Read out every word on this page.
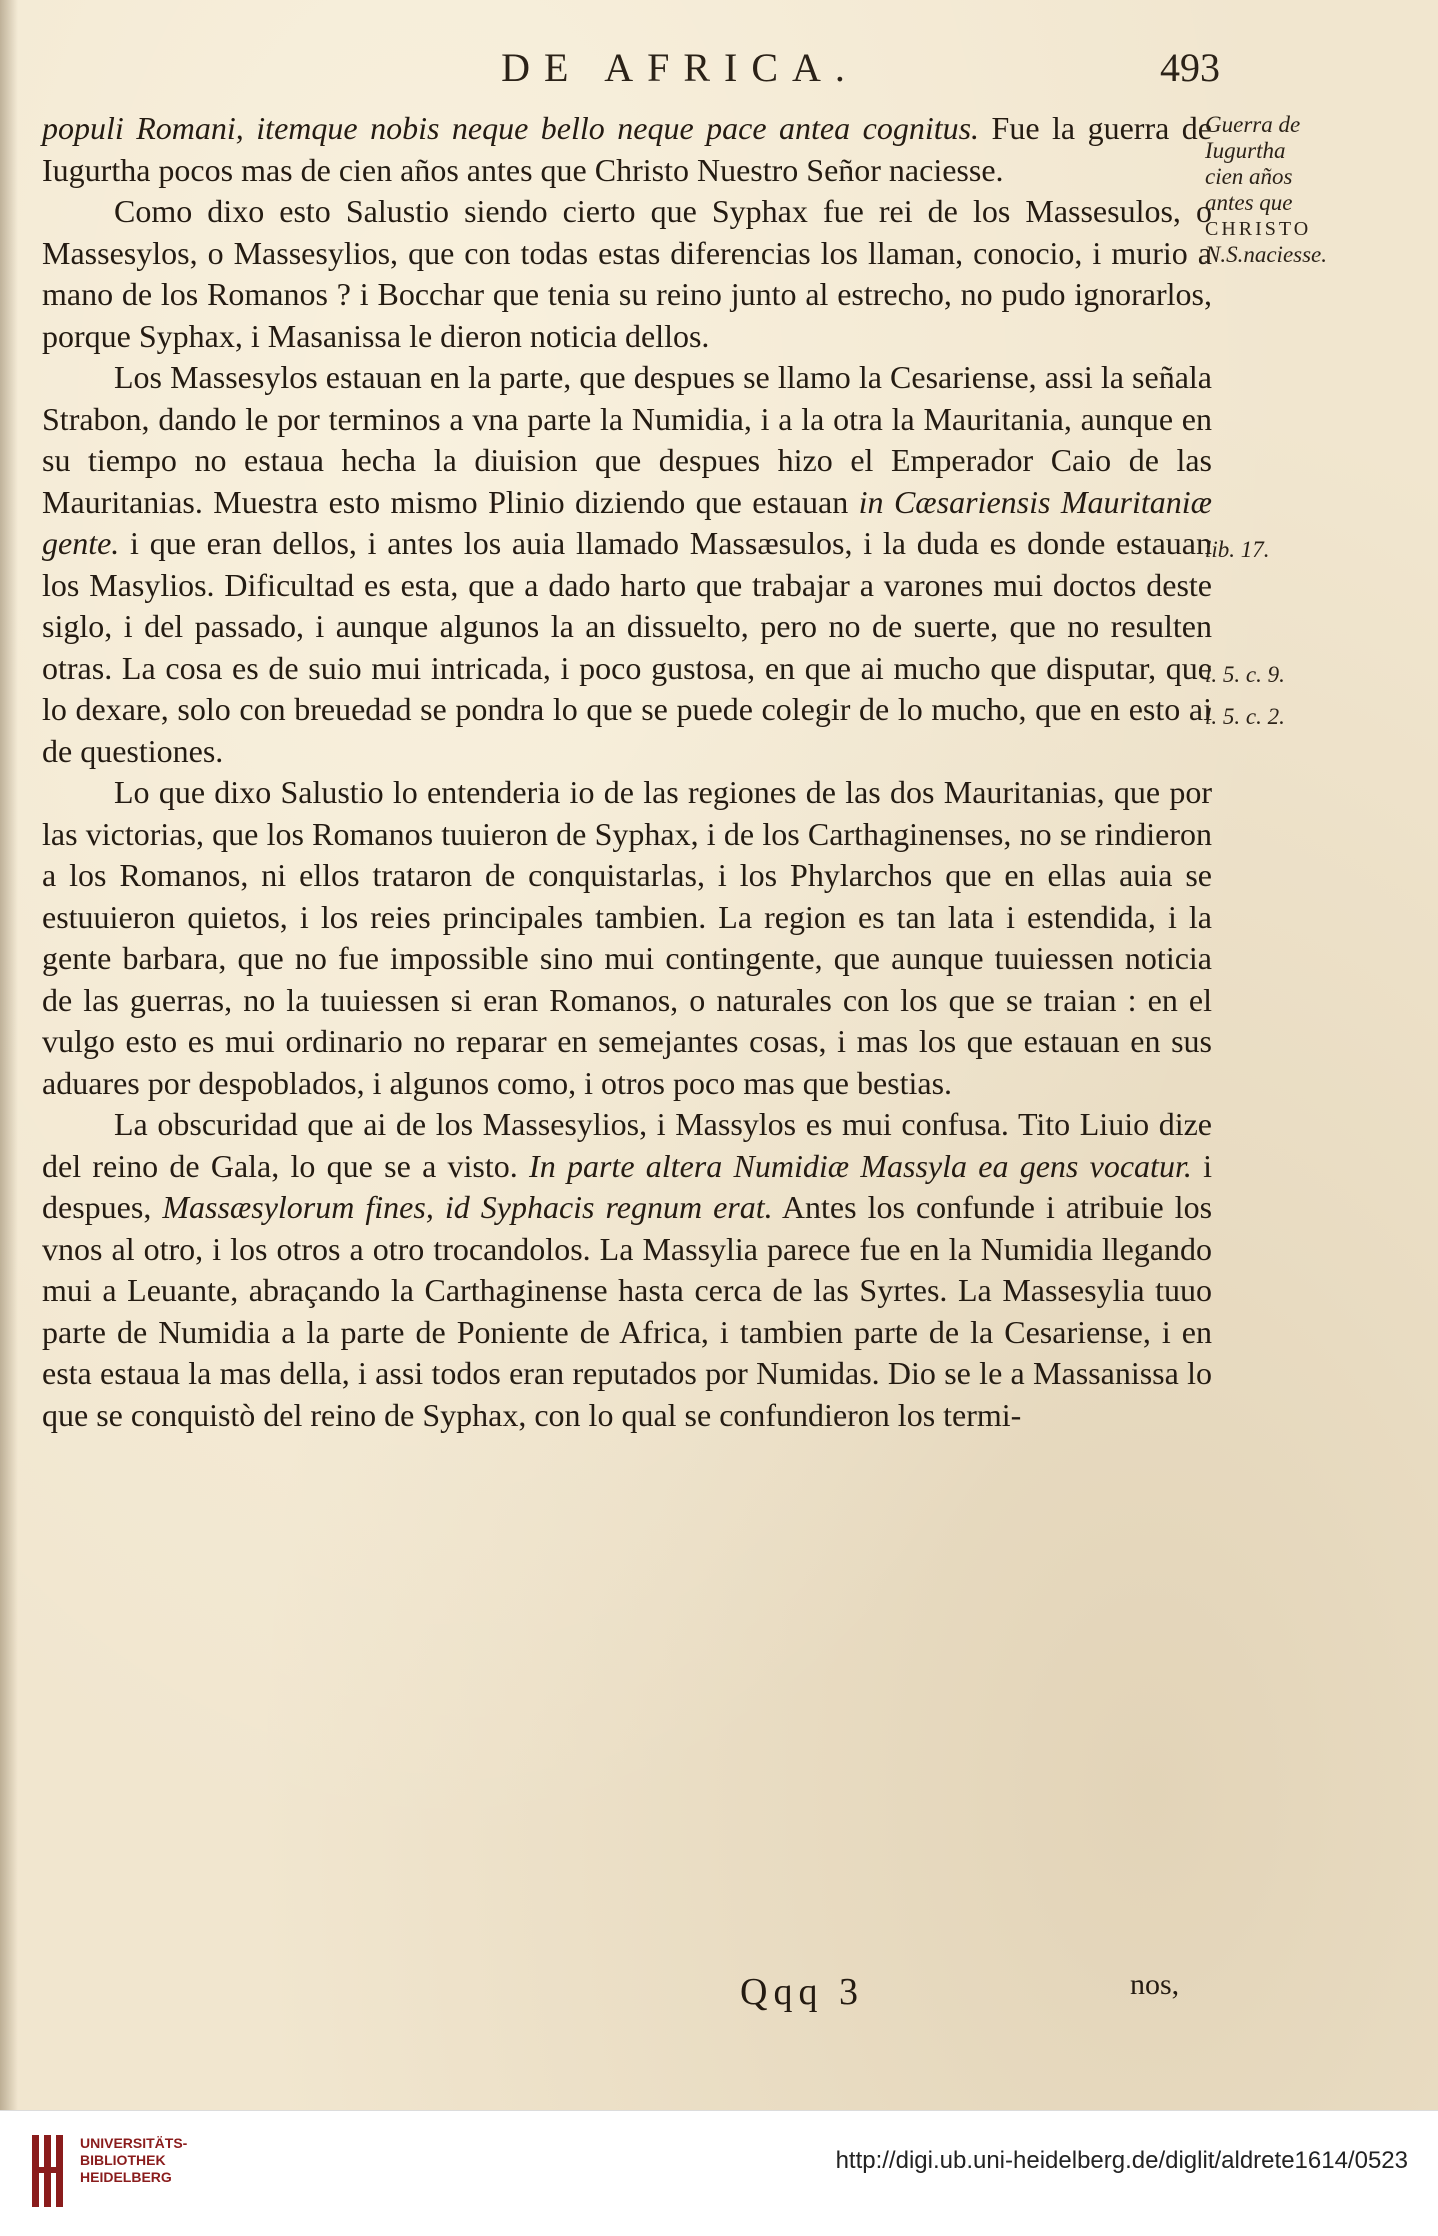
DE AFRICA.	493

populi Romani, itemque nobis neque bello neque pace antea cognitus. Fue la guerra de Iugurtha pocos mas de cien años antes que Christo Nuestro Señor naciesse.

Como dixo esto Salustio siendo cierto que Syphax fue rei de los Massesulos, o Massesylos, o Massesylios, que con todas estas diferencias los llaman, conocio, i murio a mano de los Romanos ? i Bocchar que tenia su reino junto al estrecho, no pudo ignorarlos, porque Syphax, i Masanissa le dieron noticia dellos.

Los Massesylos estauan en la parte, que despues se llamo la Cesariense, assi la señala Strabon, dando le por terminos a vna parte la Numidia, i a la otra la Mauritania, aunque en su tiempo no estaua hecha la diuision que despues hizo el Emperador Caio de las Mauritanias. Muestra esto mismo Plinio diziendo que estauan in Cæsariensis Mauritaniæ gente. i que eran dellos, i antes los auia llamado Massæsulos, i la duda es donde estauan los Masylios. Dificultad es esta, que a dado harto que trabajar a varones mui doctos deste siglo, i del passado, i aunque algunos la an dissuelto, pero no de suerte, que no resulten otras. La cosa es de suio mui intricada, i poco gustosa, en que ai mucho que disputar, que lo dexare, solo con breuedad se pondra lo que se puede colegir de lo mucho, que en esto ai de questiones.

Lo que dixo Salustio lo entenderia io de las regiones de las dos Mauritanias, que por las victorias, que los Romanos tuuieron de Syphax, i de los Carthaginenses, no se rindieron a los Romanos, ni ellos trataron de conquistarlas, i los Phylarchos que en ellas auia se estuuieron quietos, i los reies principales tambien. La region es tan lata i estendida, i la gente barbara, que no fue impossible sino mui contingente, que aunque tuuiessen noticia de las guerras, no la tuuiessen si eran Romanos, o naturales con los que se traian : en el vulgo esto es mui ordinario no reparar en semejantes cosas, i mas los que estauan en sus aduares por despoblados, i algunos como, i otros poco mas que bestias.

La obscuridad que ai de los Massesylios, i Massylos es mui confusa. Tito Liuio dize del reino de Gala, lo que se a visto. In parte altera Numidiæ Massyla ea gens vocatur. i despues, Massæsylorum fines, id Syphacis regnum erat. Antes los confunde i atribuie los vnos al otro, i los otros a otro trocandolos. La Massylia parece fue en la Numidia llegando mui a Leuante, abraçando la Carthaginense hasta cerca de las Syrtes. La Massesylia tuuo parte de Numidia a la parte de Poniente de Africa, i tambien parte de la Cesariense, i en esta estaua la mas della, i assi todos eran reputados por Numidas. Dio se le a Massanissa lo que se conquistò del reino de Syphax, con lo qual se confundieron los termi-

Guerra de
Iugurtha
cien años
antes que
CHRISTO
N.S.naciesse.
lib. 17.
l. 5. c. 9.
l. 5. c. 2.
Qqq 3	nos,
UNIVERSITÄTS-
BIBLIOTHEK
HEIDELBERG
http://digi.ub.uni-heidelberg.de/diglit/aldrete1614/0523
